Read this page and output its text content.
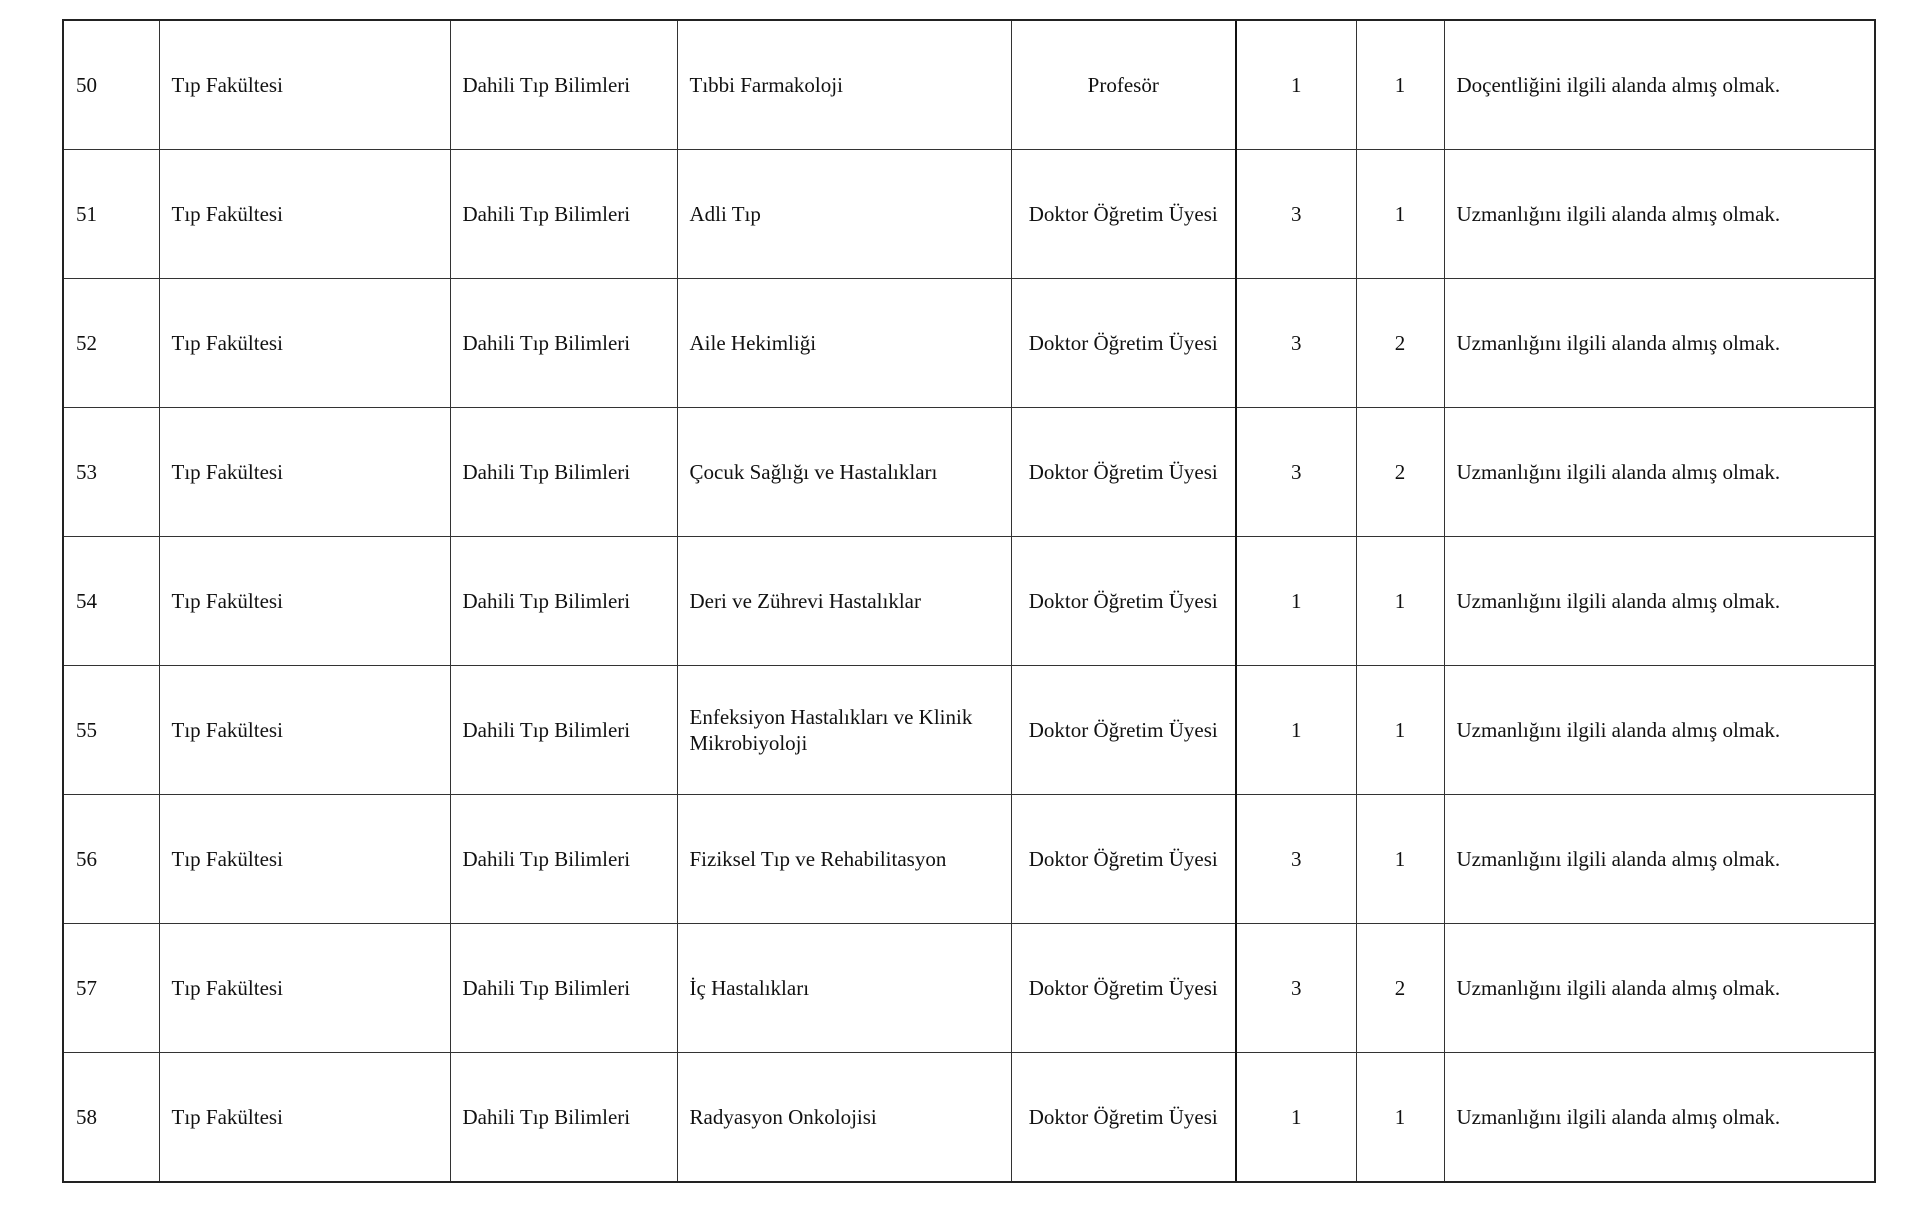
50	Tıp Fakültesi	Dahili Tıp Bilimleri	Tıbbi Farmakoloji	Profesör	1	1	Doçentliğini ilgili alanda almış olmak.
51	Tıp Fakültesi	Dahili Tıp Bilimleri	Adli Tıp	Doktor Öğretim Üyesi	3	1	Uzmanlığını ilgili alanda almış olmak.
52	Tıp Fakültesi	Dahili Tıp Bilimleri	Aile Hekimliği	Doktor Öğretim Üyesi	3	2	Uzmanlığını ilgili alanda almış olmak.
53	Tıp Fakültesi	Dahili Tıp Bilimleri	Çocuk Sağlığı ve Hastalıkları	Doktor Öğretim Üyesi	3	2	Uzmanlığını ilgili alanda almış olmak.
54	Tıp Fakültesi	Dahili Tıp Bilimleri	Deri ve Zührevi Hastalıklar	Doktor Öğretim Üyesi	1	1	Uzmanlığını ilgili alanda almış olmak.
55	Tıp Fakültesi	Dahili Tıp Bilimleri	Enfeksiyon Hastalıkları ve Klinik Mikrobiyoloji	Doktor Öğretim Üyesi	1	1	Uzmanlığını ilgili alanda almış olmak.
56	Tıp Fakültesi	Dahili Tıp Bilimleri	Fiziksel Tıp ve Rehabilitasyon	Doktor Öğretim Üyesi	3	1	Uzmanlığını ilgili alanda almış olmak.
57	Tıp Fakültesi	Dahili Tıp Bilimleri	İç Hastalıkları	Doktor Öğretim Üyesi	3	2	Uzmanlığını ilgili alanda almış olmak.
58	Tıp Fakültesi	Dahili Tıp Bilimleri	Radyasyon Onkolojisi	Doktor Öğretim Üyesi	1	1	Uzmanlığını ilgili alanda almış olmak.
